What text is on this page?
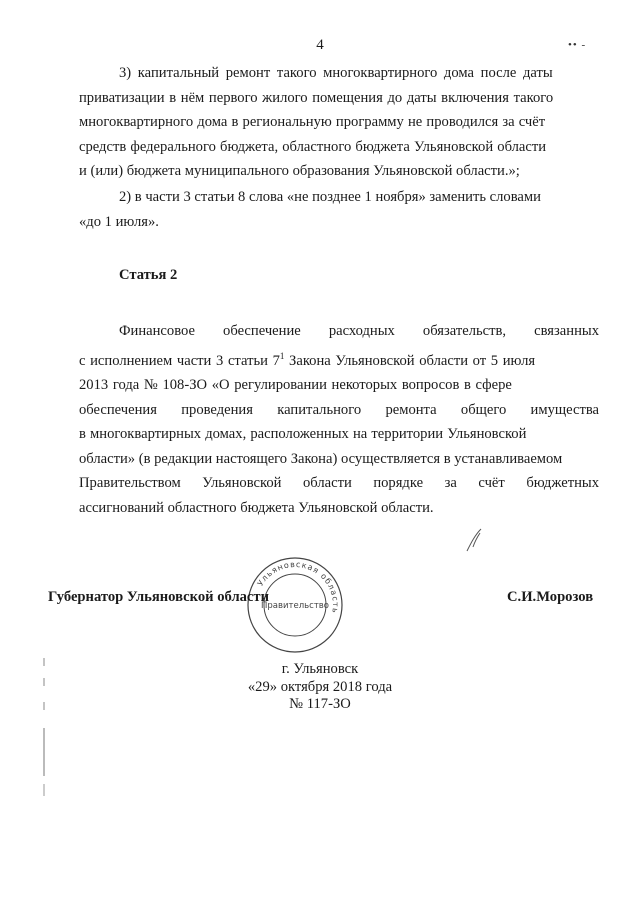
4	•• -
3) капитальный ремонт такого многоквартирного дома после даты
приватизации в нём первого жилого помещения до даты включения такого
многоквартирного дома в региональную программу не проводился за счёт
средств федерального бюджета, областного бюджета Ульяновской области
и (или) бюджета муниципального образования Ульяновской области.»;
2) в части 3 статьи 8 слова «не позднее 1 ноября» заменить словами
«до 1 июля».
Статья 2
Финансовое обеспечение расходных обязательств, связанных
с исполнением части 3 статьи $7^1$ Закона Ульяновской области от 5 июля
2013 года № 108-ЗО «О регулировании некоторых вопросов в сфере
обеспечения проведения капитального ремонта общего имущества
в многоквартирных домах, расположенных на территории Ульяновской
области» (в редакции настоящего Закона) осуществляется в устанавливаемом
Правительством Ульяновской области порядке за счёт бюджетных
ассигнований областного бюджета Ульяновской области.
Ульяновская область
Правительство
Губернатор Ульяновской области	С.И.Морозов
г. Ульяновск
«29» октября 2018 года
№ 117-ЗО
